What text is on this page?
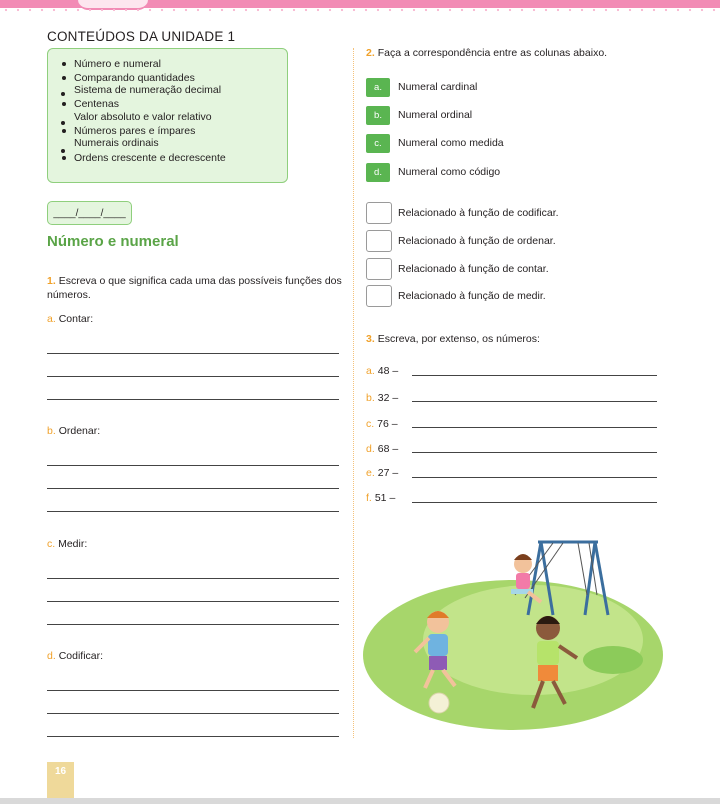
CONTEÚDOS DA UNIDADE 1
Número e numeral
Comparando quantidades
Sistema de numeração decimal
Centenas
Valor absoluto e valor relativo
Números pares e ímpares
Numerais ordinais
Ordens crescente e decrescente
____/____/____
Número e numeral
1. Escreva o que significa cada uma das possíveis funções dos números.
a. Contar:
b. Ordenar:
c. Medir:
d. Codificar:
2. Faça a correspondência entre as colunas abaixo.
a.	Numeral cardinal
b.	Numeral ordinal
c.	Numeral como medida
d.	Numeral como código
Relacionado à função de codificar.
Relacionado à função de ordenar.
Relacionado à função de contar.
Relacionado à função de medir.
3. Escreva, por extenso, os números:
a. 48 –
b. 32 –
c. 76 –
d. 68 –
e. 27 –
f. 51 –
16
